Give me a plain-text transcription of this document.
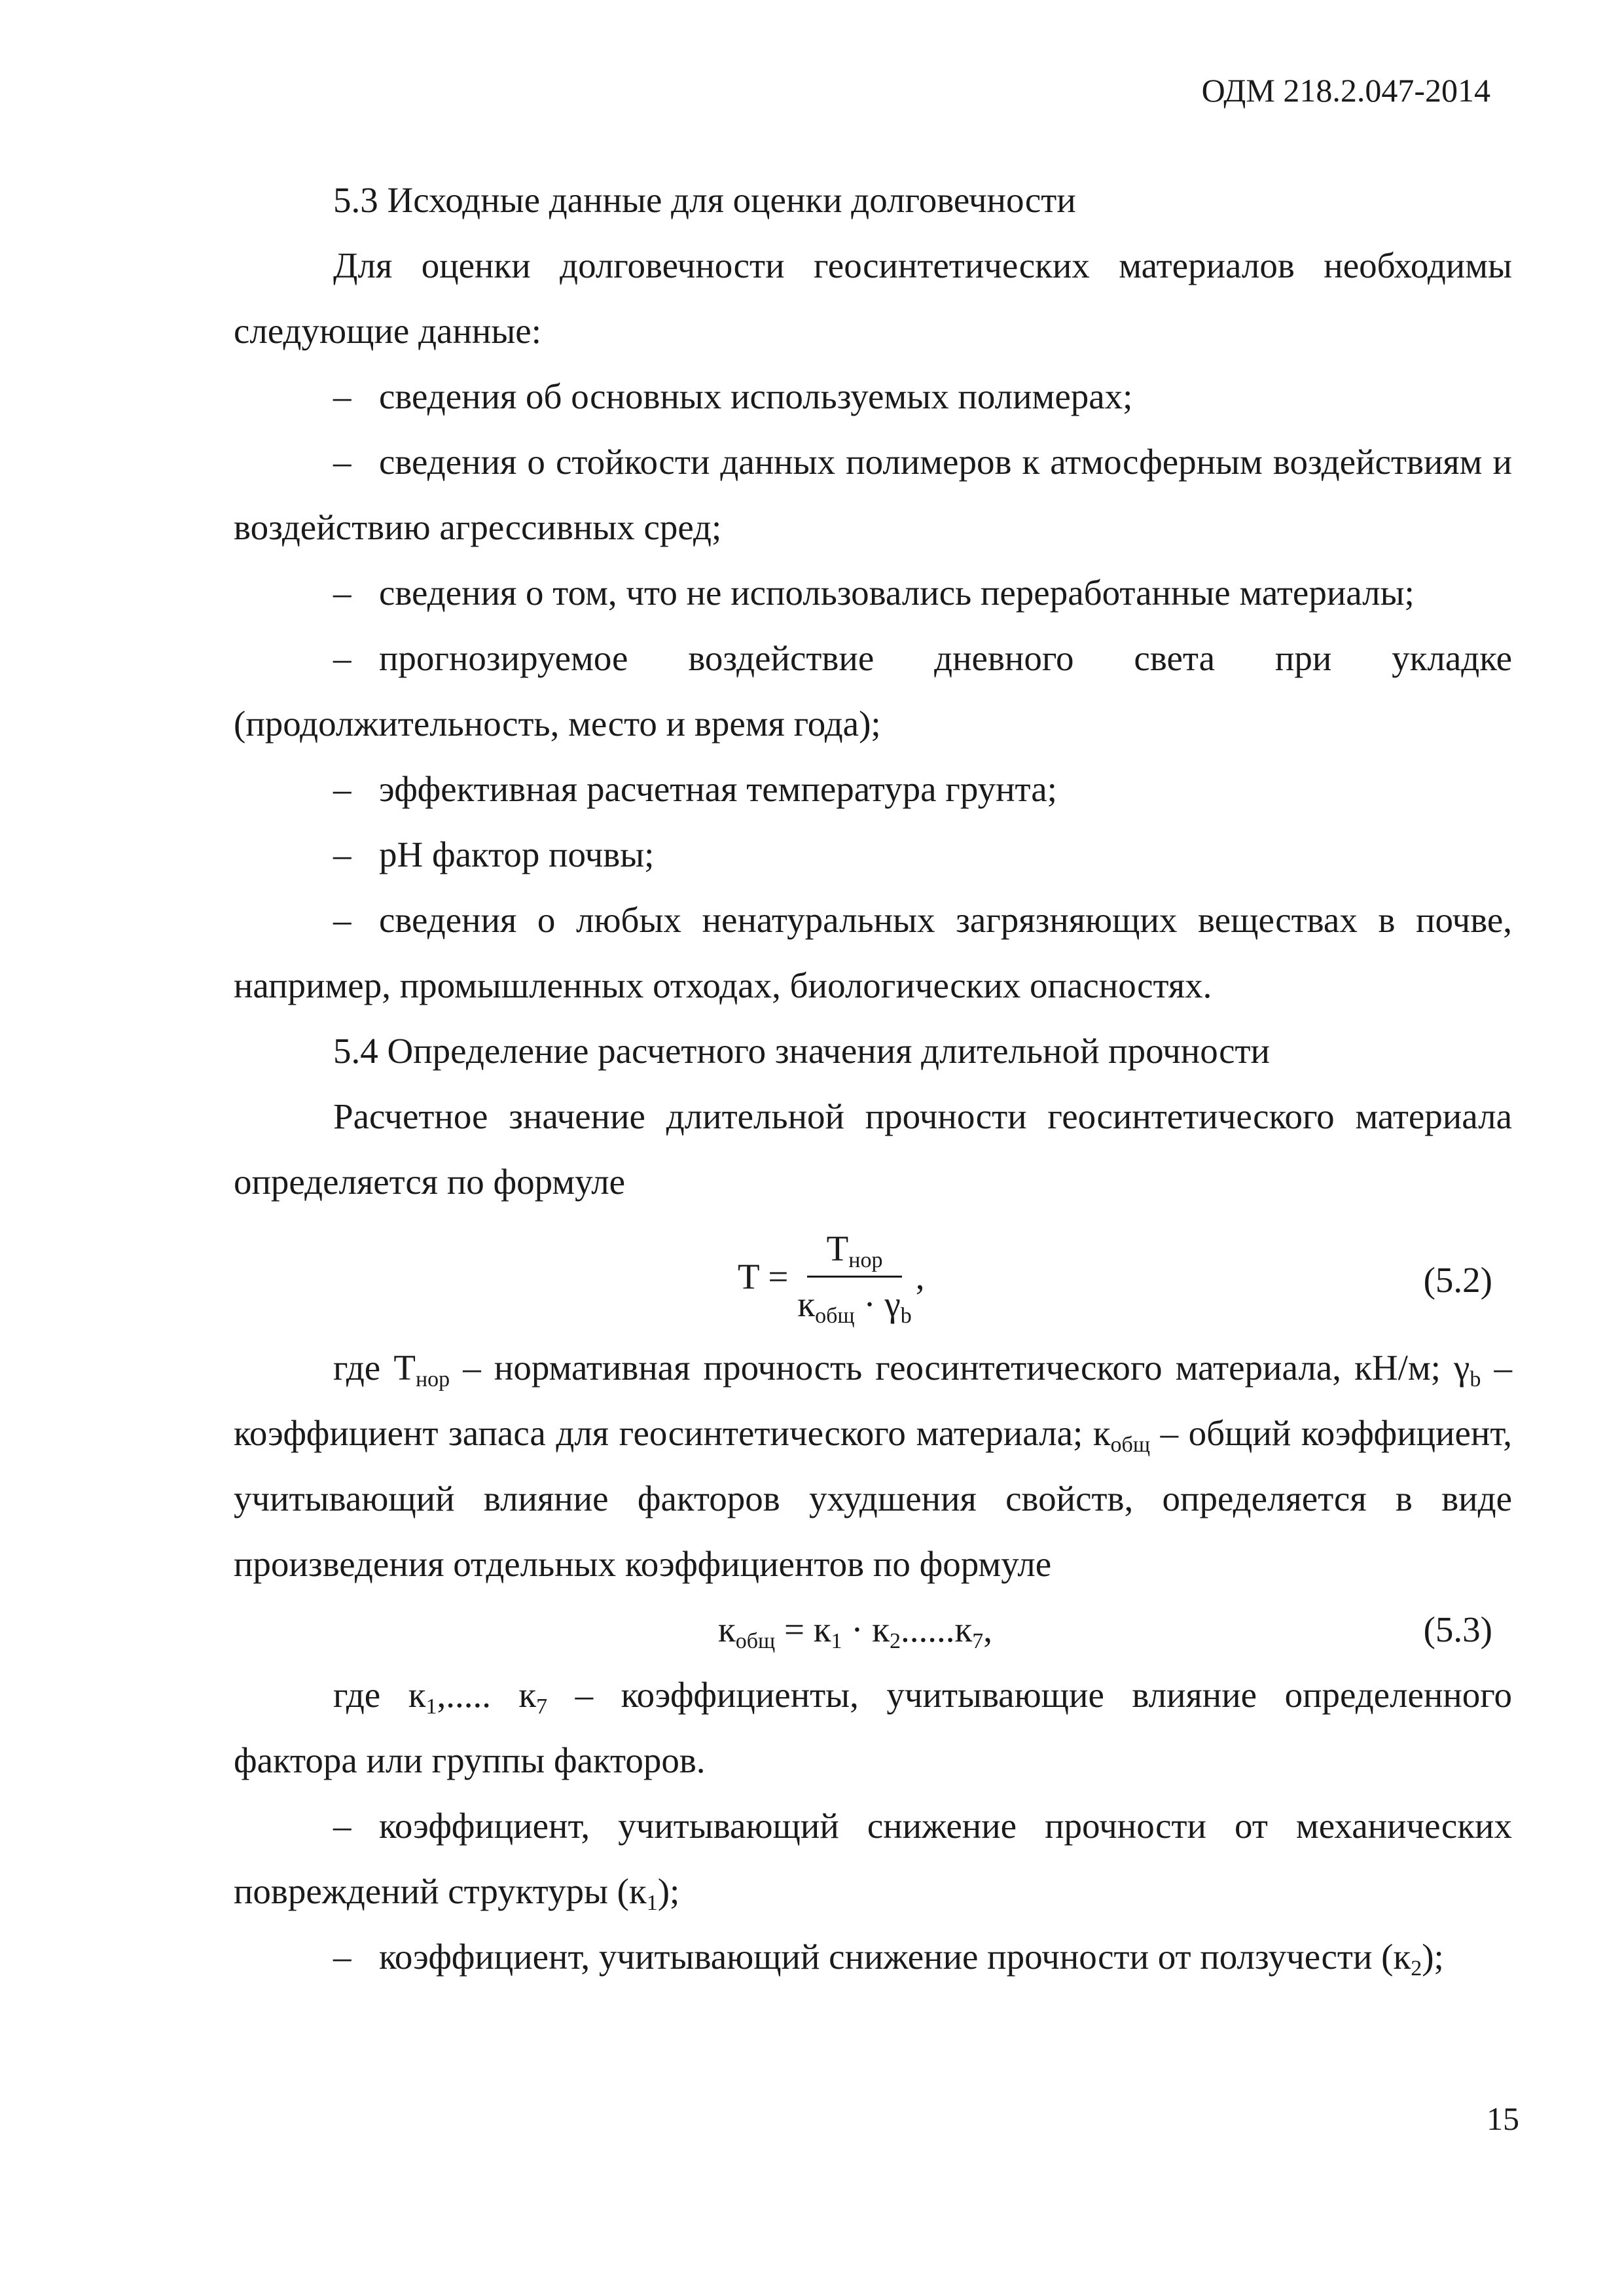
ОДМ 218.2.047-2014

5.3 Исходные данные для оценки долговечности

Для оценки долговечности геосинтетических материалов необходимы следующие данные:

– сведения об основных используемых полимерах;

– сведения о стойкости данных полимеров к атмосферным воздействиям и воздействию агрессивных сред;

– сведения о том, что не использовались переработанные материалы;

– прогнозируемое воздействие дневного света при укладке (продолжительность, место и время года);

– эффективная расчетная температура грунта;

– pH фактор почвы;

– сведения о любых ненатуральных загрязняющих веществах в почве, например, промышленных отходах, биологических опасностях.

5.4 Определение расчетного значения длительной прочности

Расчетное значение длительной прочности геосинтетического материала определяется по формуле

$T = \frac{T_{нор}}{к_{общ} \cdot \gamma_b}$ ,	(5.2)

где $T_{нор}$ – нормативная прочность геосинтетического материала, кН/м; $\gamma_b$ – коэффициент запаса для геосинтетического материала; $к_{общ}$ – общий коэффициент, учитывающий влияние факторов ухудшения свойств, определяется в виде произведения отдельных коэффициентов по формуле

$к_{общ} = к_1 \cdot к_2......к_7$,	(5.3)

где $к_1$,..... $к_7$ – коэффициенты, учитывающие влияние определенного фактора или группы факторов.

– коэффициент, учитывающий снижение прочности от механических повреждений структуры $(к_1)$;

– коэффициент, учитывающий снижение прочности от ползучести $(к_2)$;

15
